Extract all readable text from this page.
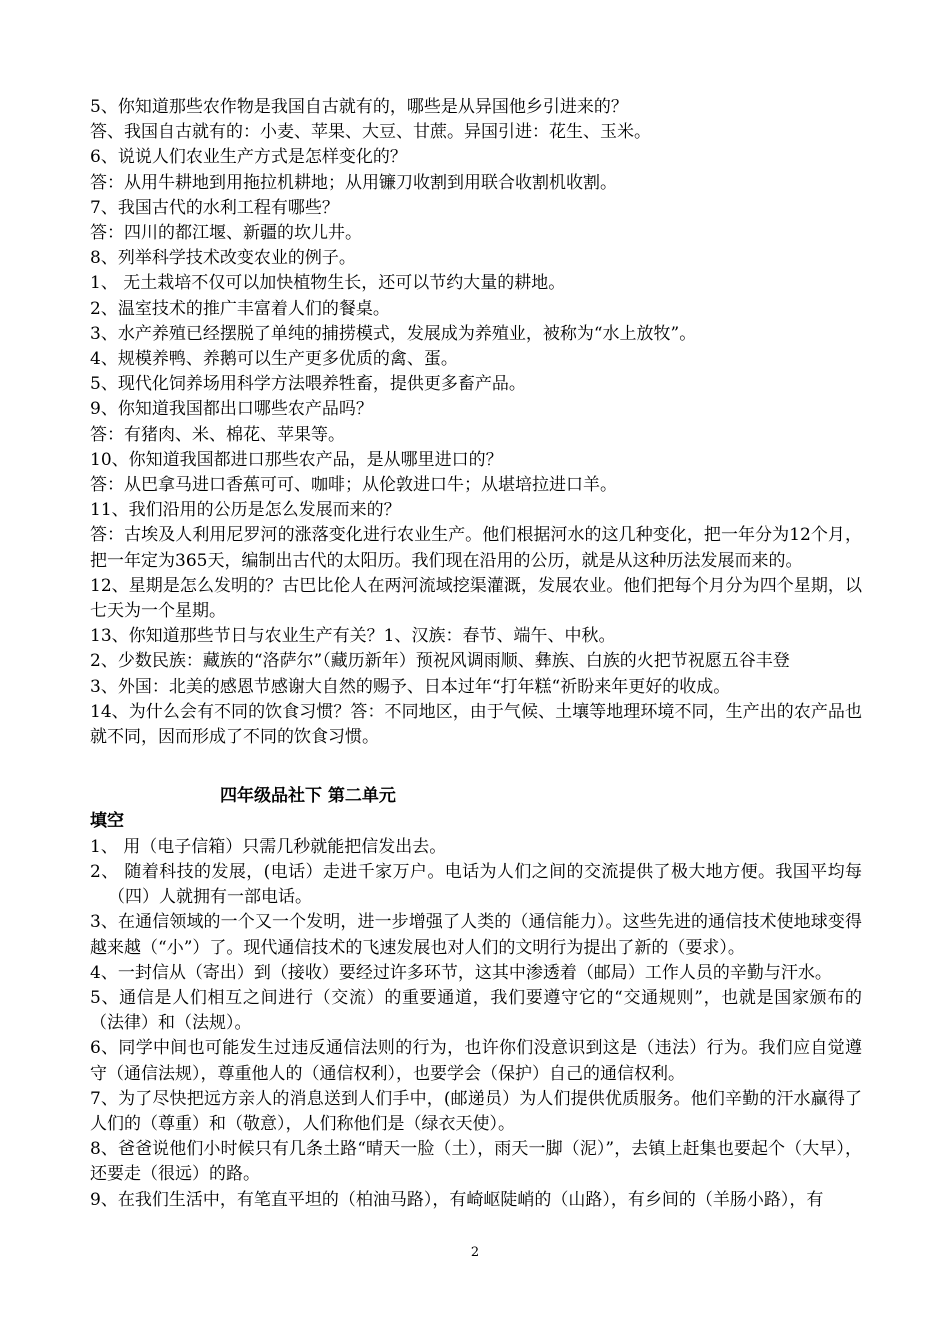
5、你知道那些农作物是我国自古就有的，哪些是从异国他乡引进来的？

答、我国自古就有的：小麦、苹果、大豆、甘蔗。异国引进：花生、玉米。

6、说说人们农业生产方式是怎样变化的？

答：从用牛耕地到用拖拉机耕地；从用镰刀收割到用联合收割机收割。

7、我国古代的水利工程有哪些？

答：四川的都江堰、新疆的坎儿井。

8、列举科学技术改变农业的例子。

1、 无土栽培不仅可以加快植物生长，还可以节约大量的耕地。

2、温室技术的推广丰富着人们的餐桌。

3、水产养殖已经摆脱了单纯的捕捞模式，发展成为养殖业，被称为“水上放牧”。

4、规模养鸭、养鹅可以生产更多优质的禽、蛋。

5、现代化饲养场用科学方法喂养牲畜，提供更多畜产品。

9、你知道我国都出口哪些农产品吗？

答：有猪肉、米、棉花、苹果等。

10、你知道我国都进口那些农产品，是从哪里进口的？

答：从巴拿马进口香蕉可可、咖啡；从伦敦进口牛；从堪培拉进口羊。

11、我们沿用的公历是怎么发展而来的？

答：古埃及人利用尼罗河的涨落变化进行农业生产。他们根据河水的这几种变化，把一年分为12个月，把一年定为365天，编制出古代的太阳历。我们现在沿用的公历，就是从这种历法发展而来的。

12、星期是怎么发明的？古巴比伦人在两河流域挖渠灌溉，发展农业。他们把每个月分为四个星期，以七天为一个星期。

13、你知道那些节日与农业生产有关？1、汉族：春节、端午、中秋。

2、少数民族：藏族的“洛萨尔”（藏历新年）预祝风调雨顺、彝族、白族的火把节祝愿五谷丰登

3、外国：北美的感恩节感谢大自然的赐予、日本过年“打年糕“祈盼来年更好的收成。

14、为什么会有不同的饮食习惯？答：不同地区，由于气候、土壤等地理环境不同，生产出的农产品也就不同，因而形成了不同的饮食习惯。

四年级品社下 第二单元

填空

1、 用（电子信箱）只需几秒就能把信发出去。

2、 随着科技的发展，(电话）走进千家万户。电话为人们之间的交流提供了极大地方便。我国平均每（四）人就拥有一部电话。

3、在通信领域的一个又一个发明，进一步增强了人类的（通信能力）。这些先进的通信技术使地球变得越来越（“小”）了。现代通信技术的飞速发展也对人们的文明行为提出了新的（要求）。

4、一封信从（寄出）到（接收）要经过许多环节，这其中渗透着（邮局）工作人员的辛勤与汗水。

5、通信是人们相互之间进行（交流）的重要通道，我们要遵守它的“交通规则”，也就是国家颁布的（法律）和（法规）。

6、同学中间也可能发生过违反通信法则的行为，也许你们没意识到这是（违法）行为。我们应自觉遵守（通信法规），尊重他人的（通信权利），也要学会（保护）自己的通信权利。

7、为了尽快把远方亲人的消息送到人们手中，(邮递员）为人们提供优质服务。他们辛勤的汗水赢得了人们的（尊重）和（敬意），人们称他们是（绿衣天使）。

8、爸爸说他们小时候只有几条土路“晴天一脸（土），雨天一脚（泥）”，去镇上赶集也要起个（大早），还要走（很远）的路。

9、在我们生活中，有笔直平坦的（柏油马路），有崎岖陡峭的（山路），有乡间的（羊肠小路），有

2
